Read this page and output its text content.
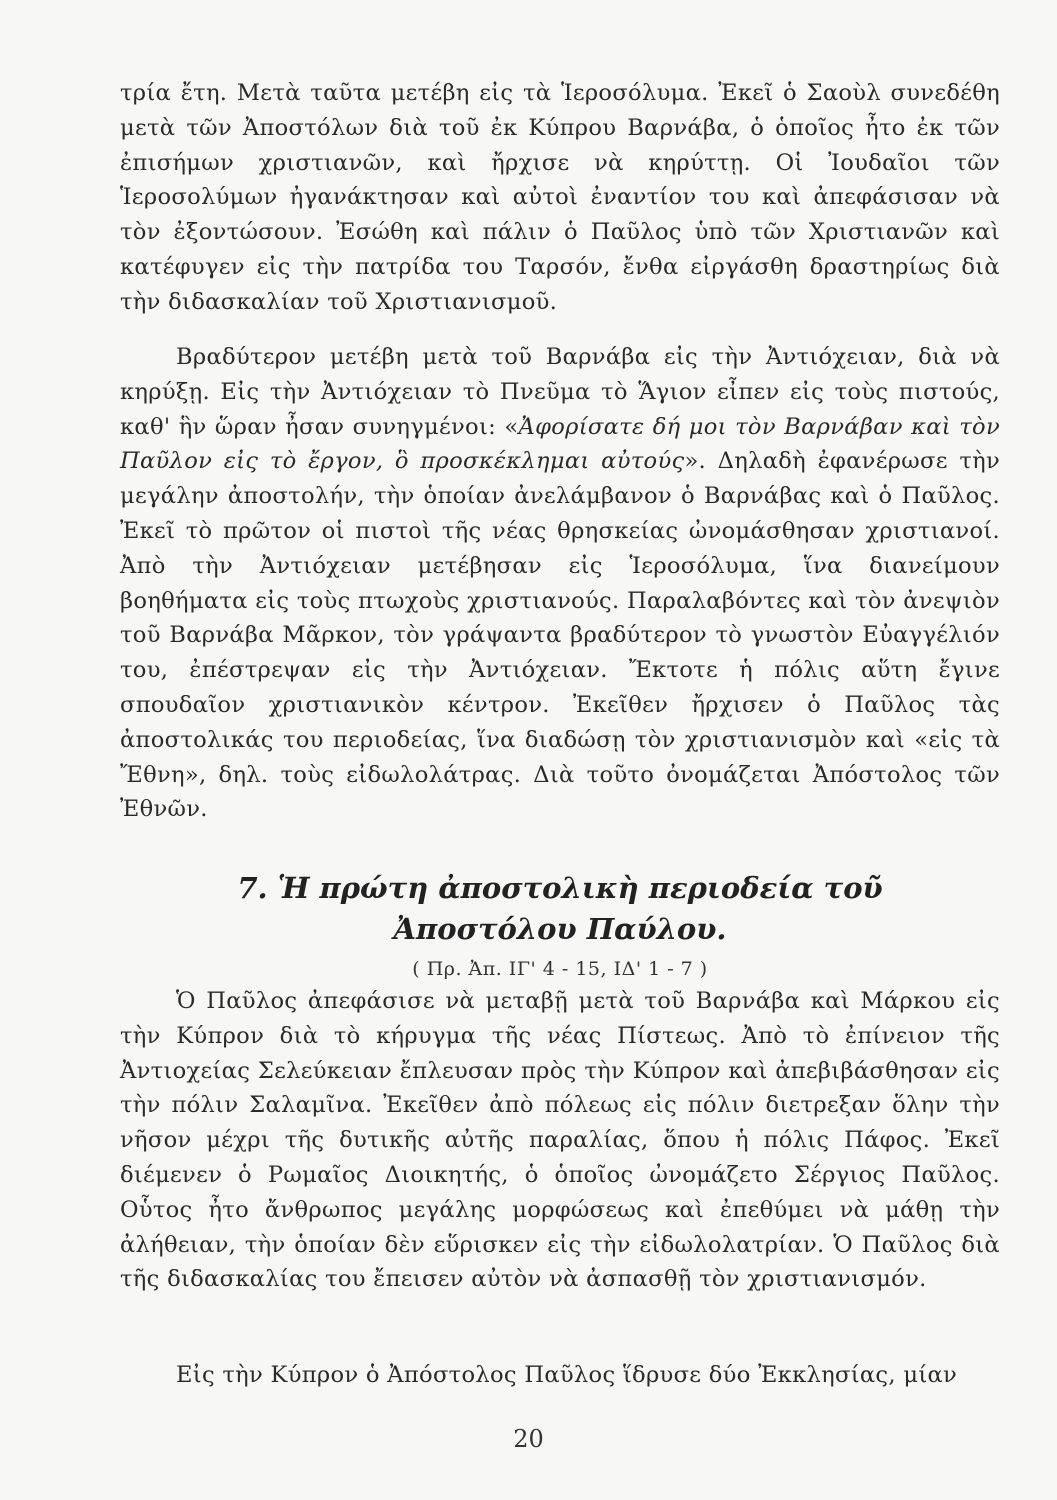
τρία ἔτη. Μετὰ ταῦτα μετέβη εἰς τὰ Ἱεροσόλυμα. Ἐκεῖ ὁ Σαοὺλ συνεδέθη μετὰ τῶν Ἀποστόλων διὰ τοῦ ἐκ Κύπρου Βαρνάβα, ὁ ὁποῖος ἦτο ἐκ τῶν ἐπισήμων χριστιανῶν, καὶ ἤρχισε νὰ κηρύττῃ. Οἱ Ἰουδαῖοι τῶν Ἱεροσολύμων ἠγανάκτησαν καὶ αὐτοὶ ἐναντίον του καὶ ἀπεφάσισαν νὰ τὸν ἐξοντώσουν. Ἐσώθη καὶ πάλιν ὁ Παῦλος ὑπὸ τῶν Χριστιανῶν καὶ κατέφυγεν εἰς τὴν πατρίδα του Ταρσόν, ἔνθα εἰργάσθη δραστηρίως διὰ τὴν διδασκαλίαν τοῦ Χριστιανισμοῦ.

Βραδύτερον μετέβη μετὰ τοῦ Βαρνάβα εἰς τὴν Ἀντιόχειαν, διὰ νὰ κηρύξῃ. Εἰς τὴν Ἀντιόχειαν τὸ Πνεῦμα τὸ Ἅγιον εἶπεν εἰς τοὺς πιστούς, καθ' ἣν ὥραν ἦσαν συνηγμένοι: «Ἀφορίσατε δή μοι τὸν Βαρνάβαν καὶ τὸν Παῦλον εἰς τὸ ἔργον, ὃ προσκέκλημαι αὐτούς». Δηλαδὴ ἐφανέρωσε τὴν μεγάλην ἀποστολήν, τὴν ὁποίαν ἀνελάμβανον ὁ Βαρνάβας καὶ ὁ Παῦλος. Ἐκεῖ τὸ πρῶτον οἱ πιστοὶ τῆς νέας θρησκείας ὠνομάσθησαν χριστιανοί. Ἀπὸ τὴν Ἀντιόχειαν μετέβησαν εἰς Ἱεροσόλυμα, ἵνα διανείμουν βοηθήματα εἰς τοὺς πτωχοὺς χριστιανούς. Παραλαβόντες καὶ τὸν ἀνεψιὸν τοῦ Βαρνάβα Μᾶρκον, τὸν γράψαντα βραδύτερον τὸ γνωστὸν Εὐαγγέλιόν του, ἐπέστρεψαν εἰς τὴν Ἀντιόχειαν. Ἔκτοτε ἡ πόλις αὕτη ἔγινε σπουδαῖον χριστιανικὸν κέντρον. Ἐκεῖθεν ἤρχισεν ὁ Παῦλος τὰς ἀποστολικάς του περιοδείας, ἵνα διαδώσῃ τὸν χριστιανισμὸν καὶ «εἰς τὰ Ἔθνη», δηλ. τοὺς εἰδωλολάτρας. Διὰ τοῦτο ὀνομάζεται Ἀπόστολος τῶν Ἐθνῶν.

7. Ἡ πρώτη ἀποστολικὴ περιοδεία τοῦ
Ἀποστόλου Παύλου.
( Πρ. Ἀπ. ΙΓ' 4 - 15, ΙΔ' 1 - 7 )

Ὁ Παῦλος ἀπεφάσισε νὰ μεταβῇ μετὰ τοῦ Βαρνάβα καὶ Μάρκου εἰς τὴν Κύπρον διὰ τὸ κήρυγμα τῆς νέας Πίστεως. Ἀπὸ τὸ ἐπίνειον τῆς Ἀντιοχείας Σελεύκειαν ἔπλευσαν πρὸς τὴν Κύπρον καὶ ἀπεβιβάσθησαν εἰς τὴν πόλιν Σαλαμῖνα. Ἐκεῖθεν ἀπὸ πόλεως εἰς πόλιν διετρεξαν ὅλην τὴν νῆσον μέχρι τῆς δυτικῆς αὐτῆς παραλίας, ὅπου ἡ πόλις Πάφος. Ἐκεῖ διέμενεν ὁ Ρωμαῖος Διοικητής, ὁ ὁποῖος ὠνομάζετο Σέργιος Παῦλος. Οὗτος ἦτο ἄνθρωπος μεγάλης μορφώσεως καὶ ἐπεθύμει νὰ μάθῃ τὴν ἀλήθειαν, τὴν ὁποίαν δὲν εὕρισκεν εἰς τὴν εἰδωλολατρίαν. Ὁ Παῦλος διὰ τῆς διδασκαλίας του ἔπεισεν αὐτὸν νὰ ἀσπασθῇ τὸν χριστιανισμόν.

Εἰς τὴν Κύπρον ὁ Ἀπόστολος Παῦλος ἵδρυσε δύο Ἐκκλησίας, μίαν

20
